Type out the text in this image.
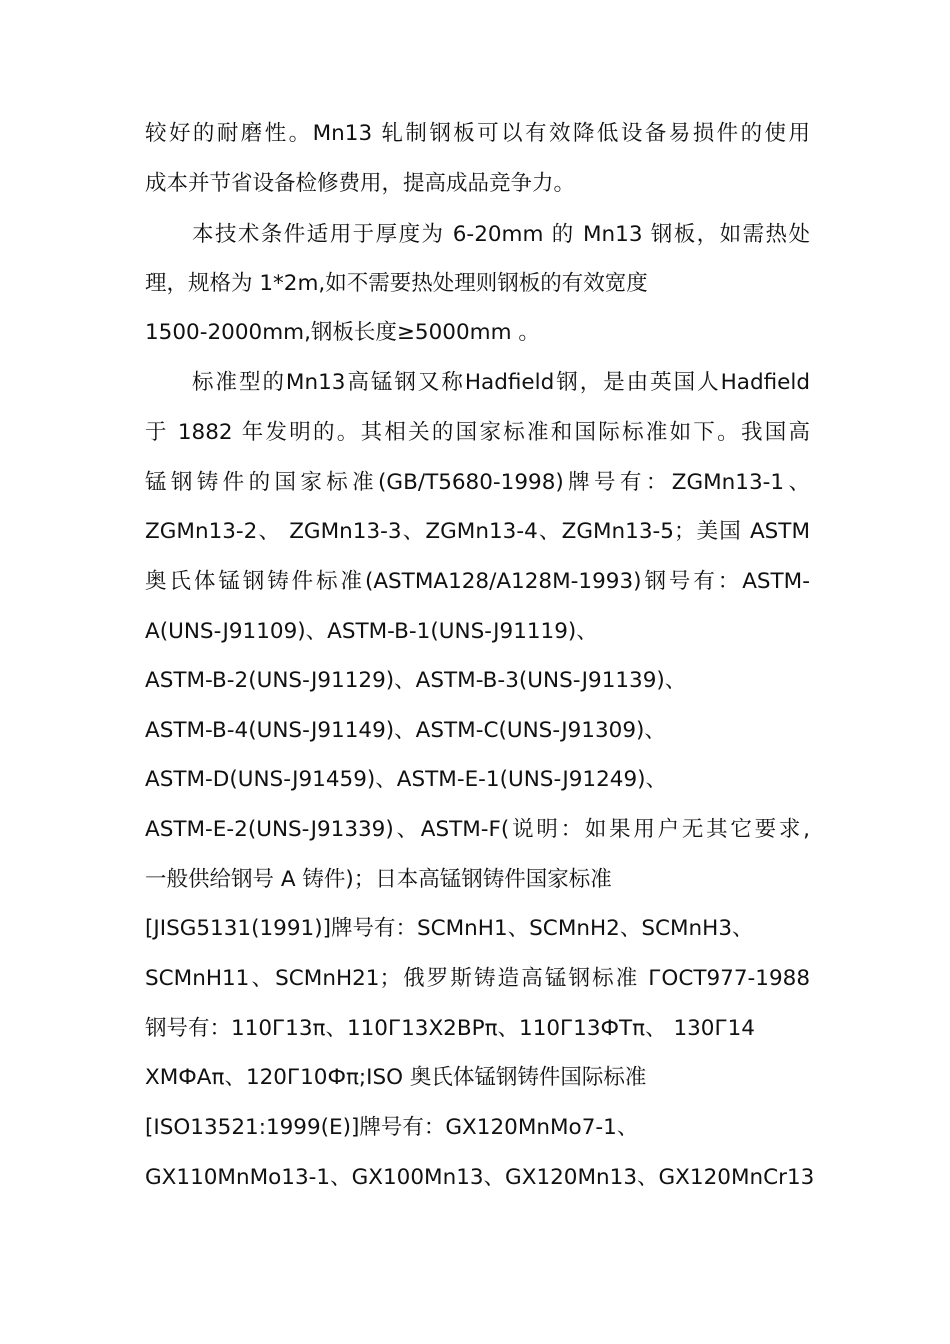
较好的耐磨性。Mn13 轧制钢板可以有效降低设备易损件的使用
成本并节省设备检修费用，提高成品竞争力。
本技术条件适用于厚度为 6-20mm 的 Mn13 钢板，如需热处
理，规格为 1*2m,如不需要热处理则钢板的有效宽度
1500-2000mm,钢板长度≥5000mm 。
标准型的Mn13高锰钢又称Hadfield钢，是由英国人Hadfield
于 1882 年发明的。其相关的国家标准和国际标准如下。我国高
锰钢铸件的国家标准(GB/T5680-1998)牌号有：ZGMn13-1、
ZGMn13-2、 ZGMn13-3、ZGMn13-4、ZGMn13-5；美国 ASTM
奥氏体锰钢铸件标准(ASTMA128/A128M-1993)钢号有：ASTM-
A(UNS-J91109)、ASTM-B-1(UNS-J91119)、
ASTM-B-2(UNS-J91129)、ASTM-B-3(UNS-J91139)、
ASTM-B-4(UNS-J91149)、ASTM-C(UNS-J91309)、
ASTM-D(UNS-J91459)、ASTM-E-1(UNS-J91249)、
ASTM-E-2(UNS-J91339)、ASTM-F(说明：如果用户无其它要求,
一般供给钢号 A 铸件)；日本高锰钢铸件国家标准
[JISG5131(1991)]牌号有：SCMnH1、SCMnH2、SCMnH3、
SCMnH11、SCMnH21；俄罗斯铸造高锰钢标准 ГОСТ977-1988
钢号有：110Г13π、110Г13Х2ВРπ、110Г13ФТπ、 130Г14
ХМФАπ、120Г10Фπ;ISO 奥氏体锰钢铸件国际标准
[ISO13521:1999(E)]牌号有：GX120MnMo7-1、
GX110MnMo13-1、GX100Mn13、GX120Mn13、GX120MnCr13
